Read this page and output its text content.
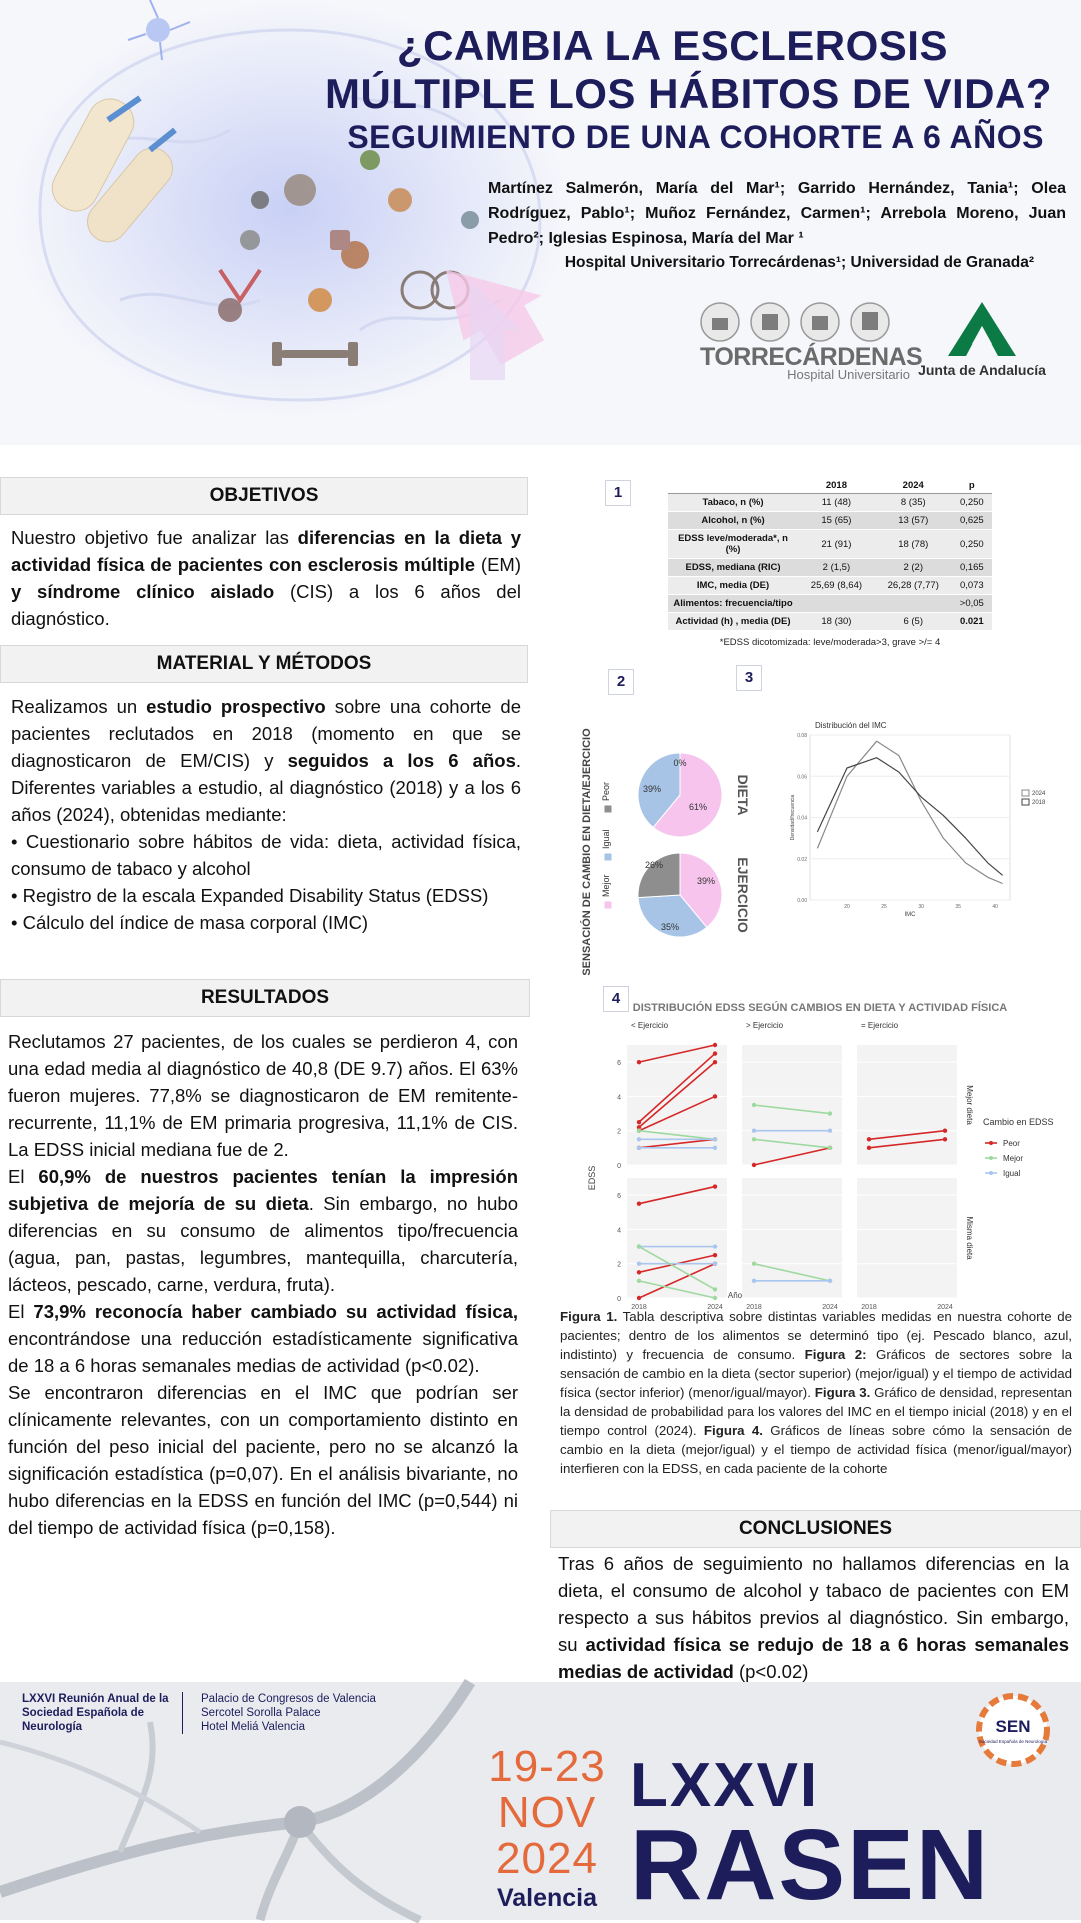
¿CAMBIA LA ESCLEROSIS
MÚLTIPLE LOS HÁBITOS DE VIDA?
SEGUIMIENTO DE UNA COHORTE A 6 AÑOS
Martínez Salmerón, María del Mar¹; Garrido Hernández, Tania¹; Olea Rodríguez, Pablo¹; Muñoz Fernández, Carmen¹; Arrebola Moreno, Juan Pedro²; Iglesias Espinosa, María del Mar ¹
Hospital Universitario Torrecárdenas¹; Universidad de Granada²
TORRECÁRDENAS
Hospital Universitario Junta de Andalucía
OBJETIVOS
Nuestro objetivo fue analizar las diferencias en la dieta y actividad física de pacientes con esclerosis múltiple (EM) y síndrome clínico aislado (CIS) a los 6 años del diagnóstico.
MATERIAL Y MÉTODOS
Realizamos un estudio prospectivo sobre una cohorte de pacientes reclutados en 2018 (momento en que se diagnosticaron de EM/CIS) y seguidos a los 6 años. Diferentes variables a estudio, al diagnóstico (2018) y a los 6 años (2024), obtenidas mediante:
• Cuestionario sobre hábitos de vida: dieta, actividad física, consumo de tabaco y alcohol
• Registro de la escala Expanded Disability Status (EDSS)
• Cálculo del índice de masa corporal (IMC)
RESULTADOS
Reclutamos 27 pacientes, de los cuales se perdieron 4, con una edad media al diagnóstico de 40,8 (DE 9.7) años. El 63% fueron mujeres. 77,8% se diagnosticaron de EM remitente-recurrente, 11,1% de EM primaria progresiva, 11,1% de CIS. La EDSS inicial mediana fue de 2.
El 60,9% de nuestros pacientes tenían la impresión subjetiva de mejoría de su dieta. Sin embargo, no hubo diferencias en su consumo de alimentos tipo/frecuencia (agua, pan, pastas, legumbres, mantequilla, charcutería, lácteos, pescado, carne, verdura, fruta).
El 73,9% reconocía haber cambiado su actividad física, encontrándose una reducción estadísticamente significativa de 18 a 6 horas semanales medias de actividad (p<0.02).
Se encontraron diferencias en el IMC que podrían ser clínicamente relevantes, con un comportamiento distinto en función del peso inicial del paciente, pero no se alcanzó la significación estadística (p=0,07). En el análisis bivariante, no hubo diferencias en la EDSS en función del IMC (p=0,544) ni del tiempo de actividad física (p=0,158).
1
		2018	2024	p
Tabaco, n (%)	11 (48)	8 (35)	0,250
Alcohol, n (%)	15 (65)	13 (57)	0,625
EDSS leve/moderada*, n (%)	21 (91)	18 (78)	0,250
EDSS, mediana (RIC)	2 (1,5)	2 (2)	0,165
IMC, media (DE)	25,69 (8,64)	26,28 (7,77)	0,073
Alimentos: frecuencia/tipo			>0,05
Actividad (h) , media (DE)	18 (30)	6 (5)	0.021
*EDSS dicotomizada: leve/moderada>3, grave >/= 4
2	3
SENSACIÓN DE CAMBIO EN DIETA/EJERCICIO Mejor
Igual
Peor
61%
39%
0%
DIETA
39%
35%
26%	EJERCICIO
Distribución del IMC
0.00
0.02
0.04
0.06
0.08
20	25	30	35	40
IMC
Densidad/frecuencia
2024
2018
4
DISTRIBUCIÓN EDSS SEGÚN CAMBIOS EN DIETA Y ACTIVIDAD FÍSICA
< Ejercicio	> Ejercicio	= Ejercicio
Mejor dieta
Misma dieta
0
2
4
6
0
2
4
6
2018	2024	2018	2024	2018	2024
Año
EDSS
Cambio en EDSS
Peor
Mejor
Igual
Figura 1. Tabla descriptiva sobre distintas variables medidas en nuestra cohorte de pacientes; dentro de los alimentos se determinó tipo (ej. Pescado blanco, azul, indistinto) y frecuencia de consumo. Figura 2: Gráficos de sectores sobre la sensación de cambio en la dieta (sector superior) (mejor/igual) y el tiempo de actividad física (sector inferior) (menor/igual/mayor). Figura 3. Gráfico de densidad, representan la densidad de probabilidad para los valores del IMC en el tiempo inicial (2018) y en el tiempo control (2024). Figura 4. Gráficos de líneas sobre cómo la sensación de cambio en la dieta (mejor/igual) y el tiempo de actividad física (menor/igual/mayor) interfieren con la EDSS, en cada paciente de la cohorte
CONCLUSIONES
Tras 6 años de seguimiento no hallamos diferencias en la dieta, el consumo de alcohol y tabaco de pacientes con EM respecto a sus hábitos previos al diagnóstico. Sin embargo, su actividad física se redujo de 18 a 6 horas semanales medias de actividad (p<0.02)
LXXVI Reunión Anual de la Sociedad Española de Neurología
Palacio de Congresos de Valencia
Sercotel Sorolla Palace
Hotel Meliá Valencia
19-23
NOV
2024
Valencia
LXXVI
RASEN
SEN
Sociedad Española de Neurología
